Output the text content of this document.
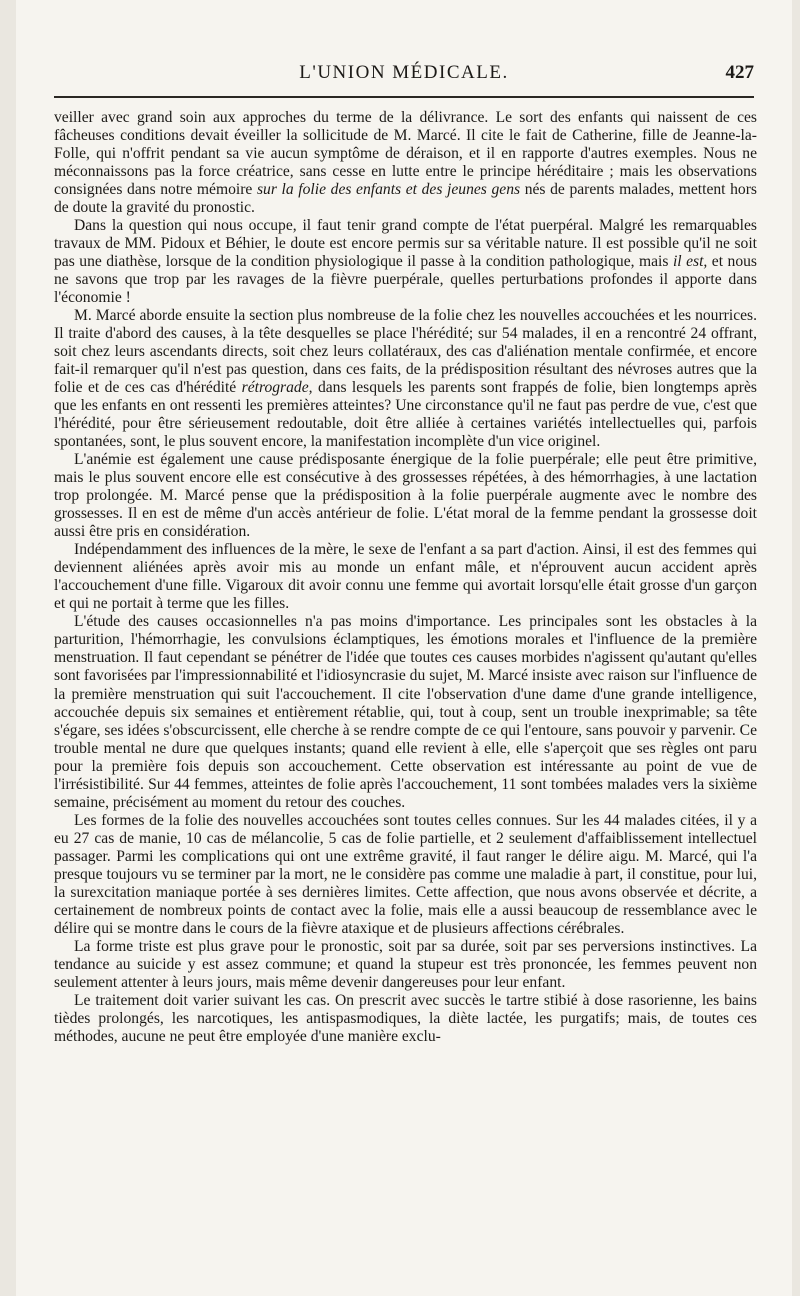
L'UNION MÉDICALE.	427

veiller avec grand soin aux approches du terme de la délivrance. Le sort des enfants qui naissent de ces fâcheuses conditions devait éveiller la sollicitude de M. Marcé. Il cite le fait de Catherine, fille de Jeanne-la-Folle, qui n'offrit pendant sa vie aucun symptôme de déraison, et il en rapporte d'autres exemples. Nous ne méconnaissons pas la force créatrice, sans cesse en lutte entre le principe héréditaire ; mais les observations consignées dans notre mémoire sur la folie des enfants et des jeunes gens nés de parents malades, mettent hors de doute la gravité du pronostic.

Dans la question qui nous occupe, il faut tenir grand compte de l'état puerpéral. Malgré les remarquables travaux de MM. Pidoux et Béhier, le doute est encore permis sur sa véritable nature. Il est possible qu'il ne soit pas une diathèse, lorsque de la condition physiologique il passe à la condition pathologique, mais il est, et nous ne savons que trop par les ravages de la fièvre puerpérale, quelles perturbations profondes il apporte dans l'économie !

M. Marcé aborde ensuite la section plus nombreuse de la folie chez les nouvelles accouchées et les nourrices. Il traite d'abord des causes, à la tête desquelles se place l'hérédité; sur 54 malades, il en a rencontré 24 offrant, soit chez leurs ascendants directs, soit chez leurs collatéraux, des cas d'aliénation mentale confirmée, et encore fait-il remarquer qu'il n'est pas question, dans ces faits, de la prédisposition résultant des névroses autres que la folie et de ces cas d'hérédité rétrograde, dans lesquels les parents sont frappés de folie, bien longtemps après que les enfants en ont ressenti les premières atteintes? Une circonstance qu'il ne faut pas perdre de vue, c'est que l'hérédité, pour être sérieusement redoutable, doit être alliée à certaines variétés intellectuelles qui, parfois spontanées, sont, le plus souvent encore, la manifestation incomplète d'un vice originel.

L'anémie est également une cause prédisposante énergique de la folie puerpérale; elle peut être primitive, mais le plus souvent encore elle est consécutive à des grossesses répétées, à des hémorrhagies, à une lactation trop prolongée. M. Marcé pense que la prédisposition à la folie puerpérale augmente avec le nombre des grossesses. Il en est de même d'un accès antérieur de folie. L'état moral de la femme pendant la grossesse doit aussi être pris en considération.

Indépendamment des influences de la mère, le sexe de l'enfant a sa part d'action. Ainsi, il est des femmes qui deviennent aliénées après avoir mis au monde un enfant mâle, et n'éprouvent aucun accident après l'accouchement d'une fille. Vigaroux dit avoir connu une femme qui avortait lorsqu'elle était grosse d'un garçon et qui ne portait à terme que les filles.

L'étude des causes occasionnelles n'a pas moins d'importance. Les principales sont les obstacles à la parturition, l'hémorrhagie, les convulsions éclamptiques, les émotions morales et l'influence de la première menstruation. Il faut cependant se pénétrer de l'idée que toutes ces causes morbides n'agissent qu'autant qu'elles sont favorisées par l'impressionnabilité et l'idiosyncrasie du sujet, M. Marcé insiste avec raison sur l'influence de la première menstruation qui suit l'accouchement. Il cite l'observation d'une dame d'une grande intelligence, accouchée depuis six semaines et entièrement rétablie, qui, tout à coup, sent un trouble inexprimable; sa tête s'égare, ses idées s'obscurcissent, elle cherche à se rendre compte de ce qui l'entoure, sans pouvoir y parvenir. Ce trouble mental ne dure que quelques instants; quand elle revient à elle, elle s'aperçoit que ses règles ont paru pour la première fois depuis son accouchement. Cette observation est intéressante au point de vue de l'irrésistibilité. Sur 44 femmes, atteintes de folie après l'accouchement, 11 sont tombées malades vers la sixième semaine, précisément au moment du retour des couches.

Les formes de la folie des nouvelles accouchées sont toutes celles connues. Sur les 44 malades citées, il y a eu 27 cas de manie, 10 cas de mélancolie, 5 cas de folie partielle, et 2 seulement d'affaiblissement intellectuel passager. Parmi les complications qui ont une extrême gravité, il faut ranger le délire aigu. M. Marcé, qui l'a presque toujours vu se terminer par la mort, ne le considère pas comme une maladie à part, il constitue, pour lui, la surexcitation maniaque portée à ses dernières limites. Cette affection, que nous avons observée et décrite, a certainement de nombreux points de contact avec la folie, mais elle a aussi beaucoup de ressemblance avec le délire qui se montre dans le cours de la fièvre ataxique et de plusieurs affections cérébrales.

La forme triste est plus grave pour le pronostic, soit par sa durée, soit par ses perversions instinctives. La tendance au suicide y est assez commune; et quand la stupeur est très prononcée, les femmes peuvent non seulement attenter à leurs jours, mais même devenir dangereuses pour leur enfant.

Le traitement doit varier suivant les cas. On prescrit avec succès le tartre stibié à dose rasorienne, les bains tièdes prolongés, les narcotiques, les antispasmodiques, la diète lactée, les purgatifs; mais, de toutes ces méthodes, aucune ne peut être employée d'une manière exclu-
